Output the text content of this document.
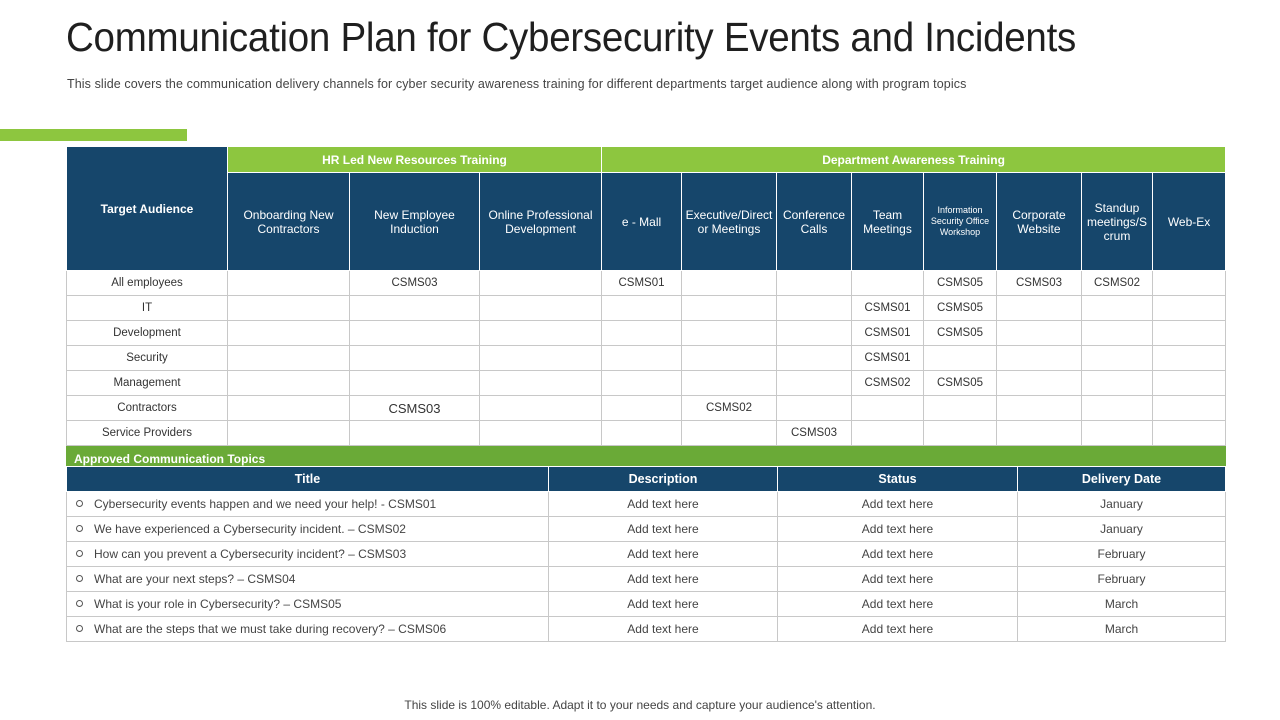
Communication Plan for Cybersecurity Events and Incidents
This slide covers the communication delivery channels for cyber security awareness training for different departments target audience along with program topics
Target Audience	HR Led New Resources Training			Department Awareness Training							
	Onboarding New Contractors	New Employee Induction	Online Professional Development	e - Mall	Executive/Direct or Meetings	Conference Calls	Team Meetings	Information Security Office Workshop	Corporate Website	Standup meetings/S crum	Web-Ex
All employees		CSMS03		CSMS01				CSMS05	CSMS03	CSMS02	
IT							CSMS01	CSMS05			
Development							CSMS01	CSMS05			
Security							CSMS01				
Management							CSMS02	CSMS05			
Contractors		CSMS03			CSMS02						
Service Providers						CSMS03					
Approved Communication Topics											
Title	Description	Status	Delivery Date
Cybersecurity events happen and we need your help! - CSMS01	Add text here	Add text here	January
We have experienced a Cybersecurity incident. – CSMS02	Add text here	Add text here	January
How can you prevent a Cybersecurity incident? – CSMS03	Add text here	Add text here	February
What are your next steps? – CSMS04	Add text here	Add text here	February
What is your role in Cybersecurity? – CSMS05	Add text here	Add text here	March
What are the steps that we must take during recovery? – CSMS06	Add text here	Add text here	March
This slide is 100% editable. Adapt it to your needs and capture your audience's attention.
